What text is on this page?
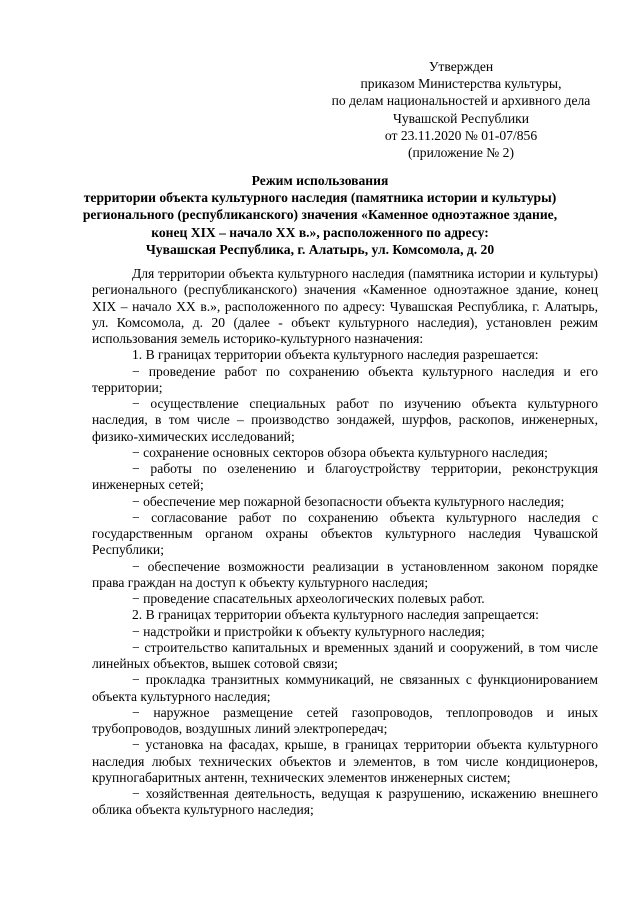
Утвержден
приказом Министерства культуры,
по делам национальностей и архивного дела
Чувашской Республики
от 23.11.2020 № 01-07/856
(приложение № 2)
Режим использования
территории объекта культурного наследия (памятника истории и культуры)
регионального (республиканского) значения «Каменное одноэтажное здание,
конец XIX – начало XX в.», расположенного по адресу:
Чувашская Республика, г. Алатырь, ул. Комсомола, д. 20

Для территории объекта культурного наследия (памятника истории и культуры) регионального (республиканского) значения «Каменное одноэтажное здание, конец XIX – начало XX в.», расположенного по адресу: Чувашская Республика, г. Алатырь, ул. Комсомола, д. 20 (далее - объект культурного наследия), установлен режим использования земель историко-культурного назначения:

1. В границах территории объекта культурного наследия разрешается:

− проведение работ по сохранению объекта культурного наследия и его территории;

− осуществление специальных работ по изучению объекта культурного наследия, в том числе – производство зондажей, шурфов, раскопов, инженерных, физико-химических исследований;

− сохранение основных секторов обзора объекта культурного наследия;

− работы по озеленению и благоустройству территории, реконструкция инженерных сетей;

− обеспечение мер пожарной безопасности объекта культурного наследия;

− согласование работ по сохранению объекта культурного наследия с государственным органом охраны объектов культурного наследия Чувашской Республики;

− обеспечение возможности реализации в установленном законом порядке права граждан на доступ к объекту культурного наследия;

− проведение спасательных археологических полевых работ.

2. В границах территории объекта культурного наследия запрещается:

− надстройки и пристройки к объекту культурного наследия;

− строительство капитальных и временных зданий и сооружений, в том числе линейных объектов, вышек сотовой связи;

− прокладка транзитных коммуникаций, не связанных с функционированием объекта культурного наследия;

− наружное размещение сетей газопроводов, теплопроводов и иных трубопроводов, воздушных линий электропередач;

− установка на фасадах, крыше, в границах территории объекта культурного наследия любых технических объектов и элементов, в том числе кондиционеров, крупногабаритных антенн, технических элементов инженерных систем;

− хозяйственная деятельность, ведущая к разрушению, искажению внешнего облика объекта культурного наследия;
